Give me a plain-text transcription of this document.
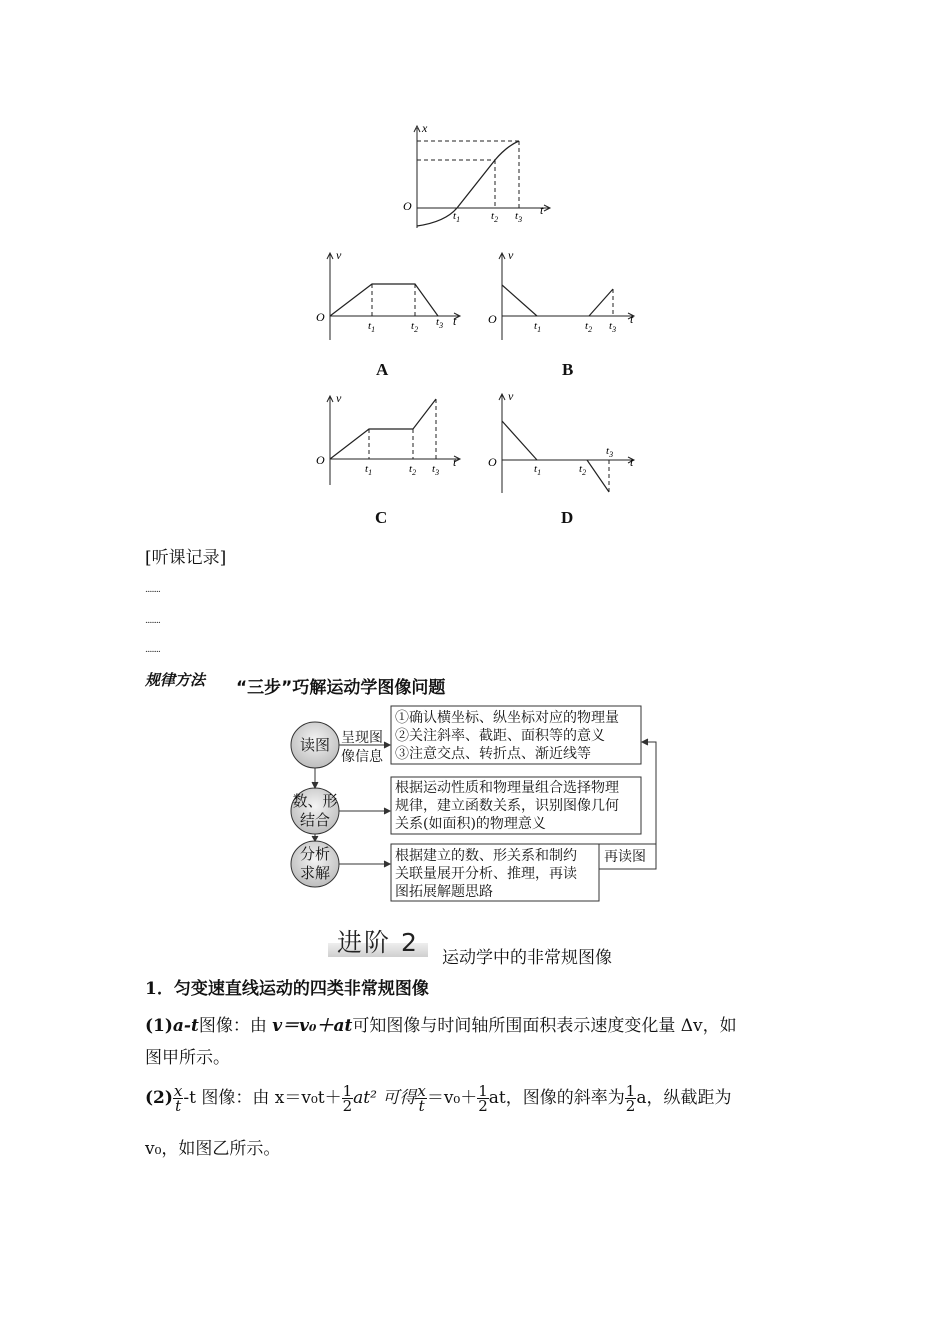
x
O
$t_1$	$t_2$ $t_3$
t
v
O
$t_1$	$t_2$
$t_3$ t
A
v
O	$t_1$	$t_2$ $t_3$
t
B
v
O
$t_1$	$t_2$ $t_3$
t
C
v
O	$t_1$	$t_2$
$t_3$
t
D
[听课记录]
........
........
........
规律方法 “三步”巧解运动学图像问题
读图
数、形
结合
分析
求解
呈现图
像信息
①确认横坐标、纵坐标对应的物理量
②关注斜率、截距、面积等的意义
③注意交点、转折点、渐近线等
根据运动性质和物理量组合选择物理
规律，建立函数关系，识别图像几何
关系(如面积)的物理意义
根据建立的数、形关系和制约
关联量展开分析、推理，再读
图拓展解题思路
再读图
进阶 2
运动学中的非常规图像
1．匀变速直线运动的四类非常规图像
(1)a-t图像：由 v＝v₀＋at可知图像与时间轴所围面积表示速度变化量 Δv，如
图甲所示。
$(2) \frac{x}{t} -t$ 图像：由 $x=v_0t+ \frac{1}{2} at^2$ 可得 $\frac{x}{t} =v_0+ \frac{1}{2}$ at，图像的斜率为 $\frac{1}{2}$ a，纵截距为
v₀，如图乙所示。
